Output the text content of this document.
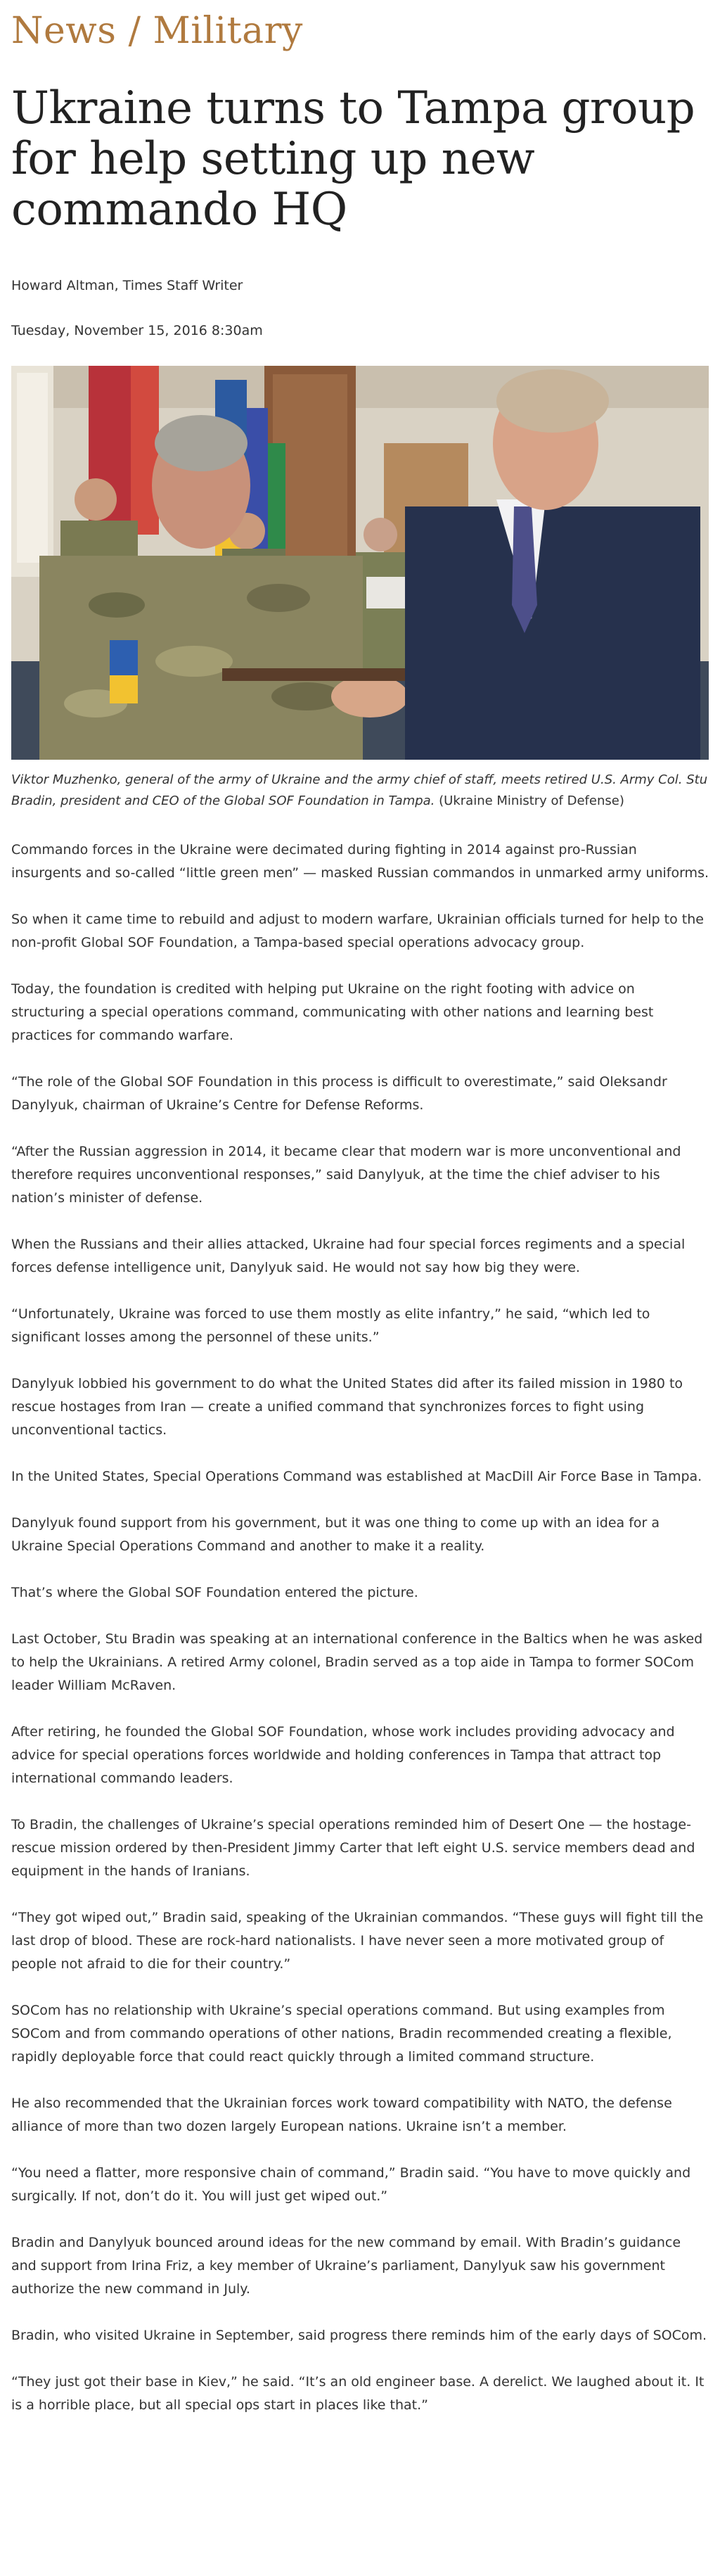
News / Military
Ukraine turns to Tampa group for help setting up new commando HQ

Howard Altman, Times Staff Writer

Tuesday, November 15, 2016 8:30am

Viktor Muzhenko, general of the army of Ukraine and the army chief of staff, meets retired U.S. Army Col. Stu Bradin, president and CEO of the Global SOF Foundation in Tampa. (Ukraine Ministry of Defense)

Commando forces in the Ukraine were decimated during fighting in 2014 against pro-Russian insurgents and so-called “little green men” — masked Russian commandos in unmarked army uniforms.

So when it came time to rebuild and adjust to modern warfare, Ukrainian officials turned for help to the non-profit Global SOF Foundation, a Tampa-based special operations advocacy group.

Today, the foundation is credited with helping put Ukraine on the right footing with advice on structuring a special operations command, communicating with other nations and learning best practices for commando warfare.

“The role of the Global SOF Foundation in this process is difficult to overestimate,” said Oleksandr Danylyuk, chairman of Ukraine’s Centre for Defense Reforms.

“After the Russian aggression in 2014, it became clear that modern war is more unconventional and therefore requires unconventional responses,” said Danylyuk, at the time the chief adviser to his nation’s minister of defense.

When the Russians and their allies attacked, Ukraine had four special forces regiments and a special forces defense intelligence unit, Danylyuk said. He would not say how big they were.

“Unfortunately, Ukraine was forced to use them mostly as elite infantry,” he said, “which led to significant losses among the personnel of these units.”

Danylyuk lobbied his government to do what the United States did after its failed mission in 1980 to rescue hostages from Iran — create a unified command that synchronizes forces to fight using unconventional tactics.

In the United States, Special Operations Command was established at MacDill Air Force Base in Tampa.

Danylyuk found support from his government, but it was one thing to come up with an idea for a Ukraine Special Operations Command and another to make it a reality.

That’s where the Global SOF Foundation entered the picture.

Last October, Stu Bradin was speaking at an international conference in the Baltics when he was asked to help the Ukrainians. A retired Army colonel, Bradin served as a top aide in Tampa to former SOCom leader William McRaven.

After retiring, he founded the Global SOF Foundation, whose work includes providing advocacy and advice for special operations forces worldwide and holding conferences in Tampa that attract top international commando leaders.

To Bradin, the challenges of Ukraine’s special operations reminded him of Desert One — the hostage-rescue mission ordered by then-President Jimmy Carter that left eight U.S. service members dead and equipment in the hands of Iranians.

“They got wiped out,” Bradin said, speaking of the Ukrainian commandos. “These guys will fight till the last drop of blood. These are rock-hard nationalists. I have never seen a more motivated group of people not afraid to die for their country.”

SOCom has no relationship with Ukraine’s special operations command. But using examples from SOCom and from commando operations of other nations, Bradin recommended creating a flexible, rapidly deployable force that could react quickly through a limited command structure.

He also recommended that the Ukrainian forces work toward compatibility with NATO, the defense alliance of more than two dozen largely European nations. Ukraine isn’t a member.

“You need a flatter, more responsive chain of command,” Bradin said. “You have to move quickly and surgically. If not, don’t do it. You will just get wiped out.”

Bradin and Danylyuk bounced around ideas for the new command by email. With Bradin’s guidance and support from Irina Friz, a key member of Ukraine’s parliament, Danylyuk saw his government authorize the new command in July.

Bradin, who visited Ukraine in September, said progress there reminds him of the early days of SOCom.

“They just got their base in Kiev,” he said. “It’s an old engineer base. A derelict. We laughed about it. It is a horrible place, but all special ops start in places like that.”
